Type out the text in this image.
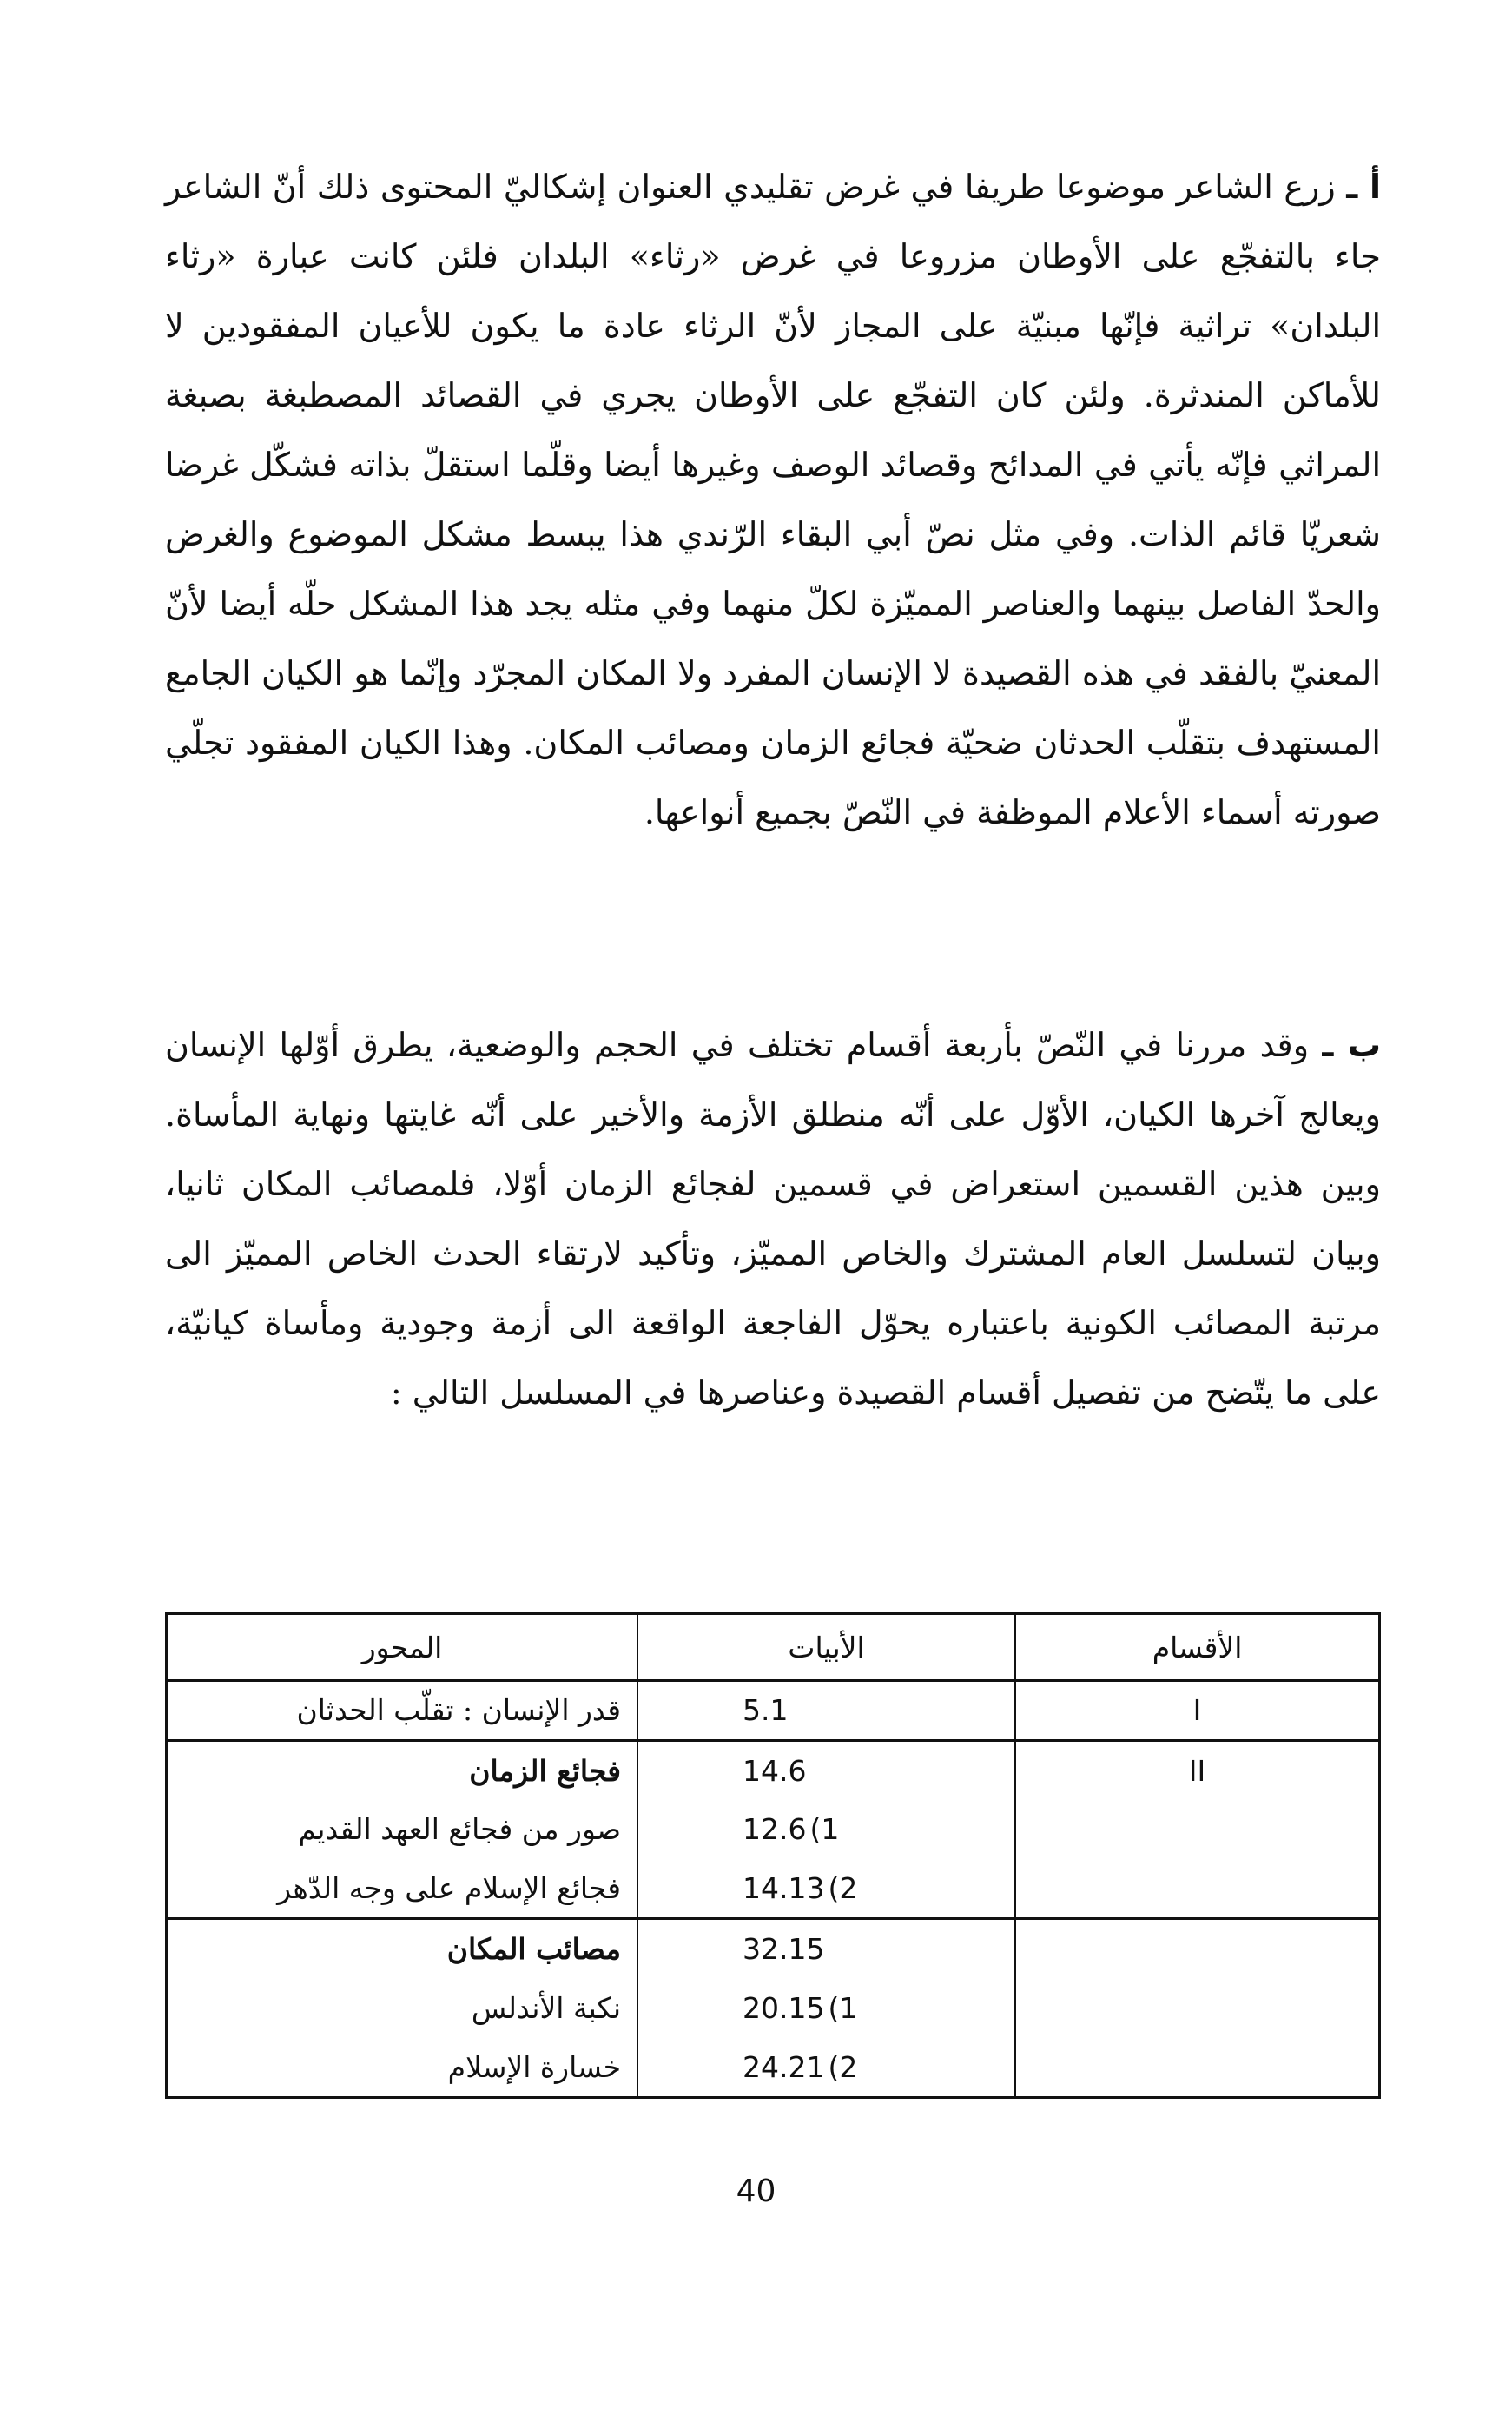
أ ـ زرع الشاعر موضوعا طريفا في غرض تقليدي العنوان إشكاليّ المحتوى ذلك أنّ الشاعر جاء بالتفجّع على الأوطان مزروعا في غرض «رثاء» البلدان فلئن كانت عبارة «رثاء البلدان» تراثية فإنّها مبنيّة على المجاز لأنّ الرثاء عادة ما يكون للأعيان المفقودين لا للأماكن المندثرة. ولئن كان التفجّع على الأوطان يجري في القصائد المصطبغة بصبغة المراثي فإنّه يأتي في المدائح وقصائد الوصف وغيرها أيضا وقلّما استقلّ بذاته فشكّل غرضا شعريّا قائم الذات. وفي مثل نصّ أبي البقاء الرّندي هذا يبسط مشكل الموضوع والغرض والحدّ الفاصل بينهما والعناصر المميّزة لكلّ منهما وفي مثله يجد هذا المشكل حلّه أيضا لأنّ المعنيّ بالفقد في هذه القصيدة لا الإنسان المفرد ولا المكان المجرّد وإنّما هو الكيان الجامع المستهدف بتقلّب الحدثان ضحيّة فجائع الزمان ومصائب المكان. وهذا الكيان المفقود تجلّي صورته أسماء الأعلام الموظفة في النّصّ بجميع أنواعها.

ب ـ وقد مررنا في النّصّ بأربعة أقسام تختلف في الحجم والوضعية، يطرق أوّلها الإنسان ويعالج آخرها الكيان، الأوّل على أنّه منطلق الأزمة والأخير على أنّه غايتها ونهاية المأساة. وبين هذين القسمين استعراض في قسمين لفجائع الزمان أوّلا، فلمصائب المكان ثانيا، وبيان لتسلسل العام المشترك والخاص المميّز، وتأكيد لارتقاء الحدث الخاص المميّز الى مرتبة المصائب الكونية باعتباره يحوّل الفاجعة الواقعة الى أزمة وجودية ومأساة كيانيّة، على ما يتّضح من تفصيل أقسام القصيدة وعناصرها في المسلسل التالي :

الأقسام	الأبيات	المحور
I	5.1	قدر الإنسان : تقلّب الحدثان
II	14.6	فجائع الزمان
	12.6 (1	صور من فجائع العهد القديم
	14.13 (2	فجائع الإسلام على وجه الدّهر
	32.15	مصائب المكان
	20.15 (1	نكبة الأندلس
	24.21 (2	خسارة الإسلام
40
